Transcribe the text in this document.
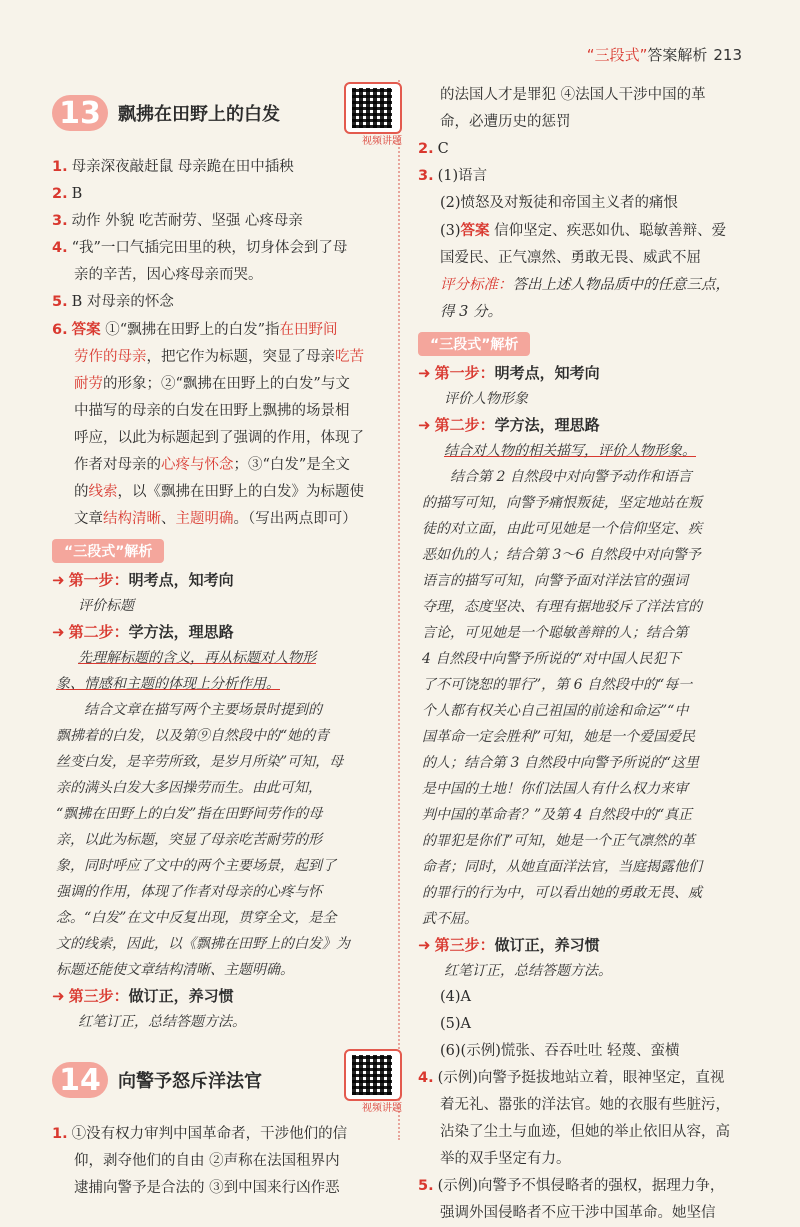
“三段式”答案解析 213
13 飘拂在田野上的白发
视频讲题

1. 母亲深夜敲赶鼠 母亲跪在田中插秧

2. B

3. 动作 外貌 吃苦耐劳、坚强 心疼母亲

4. “我”一口气插完田里的秧，切身体会到了母

亲的辛苦，因心疼母亲而哭。

5. B 对母亲的怀念

6. 答案 ①“飘拂在田野上的白发”指在田野间

劳作的母亲，把它作为标题，突显了母亲吃苦

耐劳的形象；②“飘拂在田野上的白发”与文

中描写的母亲的白发在田野上飘拂的场景相

呼应，以此为标题起到了强调的作用，体现了

作者对母亲的心疼与怀念；③“白发”是全文

的线索，以《飘拂在田野上的白发》为标题使

文章结构清晰、主题明确。（写出两点即可）

“三段式”解析
➜ 第一步：明考点，知考向
评价标题
➜ 第二步：学方法，理思路
先理解标题的含义，再从标题对人物形
象、情感和主题的体现上分析作用。
结合文章在描写两个主要场景时提到的
飘拂着的白发，以及第⑨自然段中的“她的青
丝变白发，是辛劳所致，是岁月所染”可知，母
亲的满头白发大多因操劳而生。由此可知，
“飘拂在田野上的白发”指在田野间劳作的母
亲，以此为标题，突显了母亲吃苦耐劳的形
象，同时呼应了文中的两个主要场景，起到了
强调的作用，体现了作者对母亲的心疼与怀
念。“白发”在文中反复出现，贯穿全文，是全
文的线索，因此，以《飘拂在田野上的白发》为
标题还能使文章结构清晰、主题明确。
➜ 第三步：做订正，养习惯
红笔订正，总结答题方法。
14 向警予怒斥洋法官
视频讲题

1. ①没有权力审判中国革命者，干涉他们的信

仰，剥夺他们的自由 ②声称在法国租界内

逮捕向警予是合法的 ③到中国来行凶作恶

的法国人才是罪犯 ④法国人干涉中国的革

命，必遭历史的惩罚

2. C

3. (1)语言

(2)愤怒及对叛徒和帝国主义者的痛恨

(3)答案 信仰坚定、疾恶如仇、聪敏善辩、爱

国爱民、正气凛然、勇敢无畏、威武不屈

评分标准：答出上述人物品质中的任意三点，

得 3 分。

“三段式”解析
➜ 第一步：明考点，知考向
评价人物形象
➜ 第二步：学方法，理思路
结合对人物的相关描写，评价人物形象。
结合第 2 自然段中对向警予动作和语言
的描写可知，向警予痛恨叛徒，坚定地站在叛
徒的对立面，由此可见她是一个信仰坚定、疾
恶如仇的人；结合第 3～6 自然段中对向警予
语言的描写可知，向警予面对洋法官的强词
夺理，态度坚决、有理有据地驳斥了洋法官的
言论，可见她是一个聪敏善辩的人；结合第
4 自然段中向警予所说的“对中国人民犯下
了不可饶恕的罪行”，第 6 自然段中的“每一
个人都有权关心自己祖国的前途和命运”“中
国革命一定会胜利”可知，她是一个爱国爱民
的人；结合第 3 自然段中向警予所说的“这里
是中国的土地！你们法国人有什么权力来审
判中国的革命者？”及第 4 自然段中的“真正
的罪犯是你们”可知，她是一个正气凛然的革
命者；同时，从她直面洋法官，当庭揭露他们
的罪行的行为中，可以看出她的勇敢无畏、威
武不屈。
➜ 第三步：做订正，养习惯
红笔订正，总结答题方法。

(4)A

(5)A

(6)(示例)慌张、吞吞吐吐 轻蔑、蛮横

4. (示例)向警予挺拔地站立着，眼神坚定，直视

着无礼、嚣张的洋法官。她的衣服有些脏污，

沾染了尘土与血迹，但她的举止依旧从容，高

举的双手坚定有力。

5. (示例)向警予不惧侵略者的强权，据理力争，

强调外国侵略者不应干涉中国革命。她坚信
